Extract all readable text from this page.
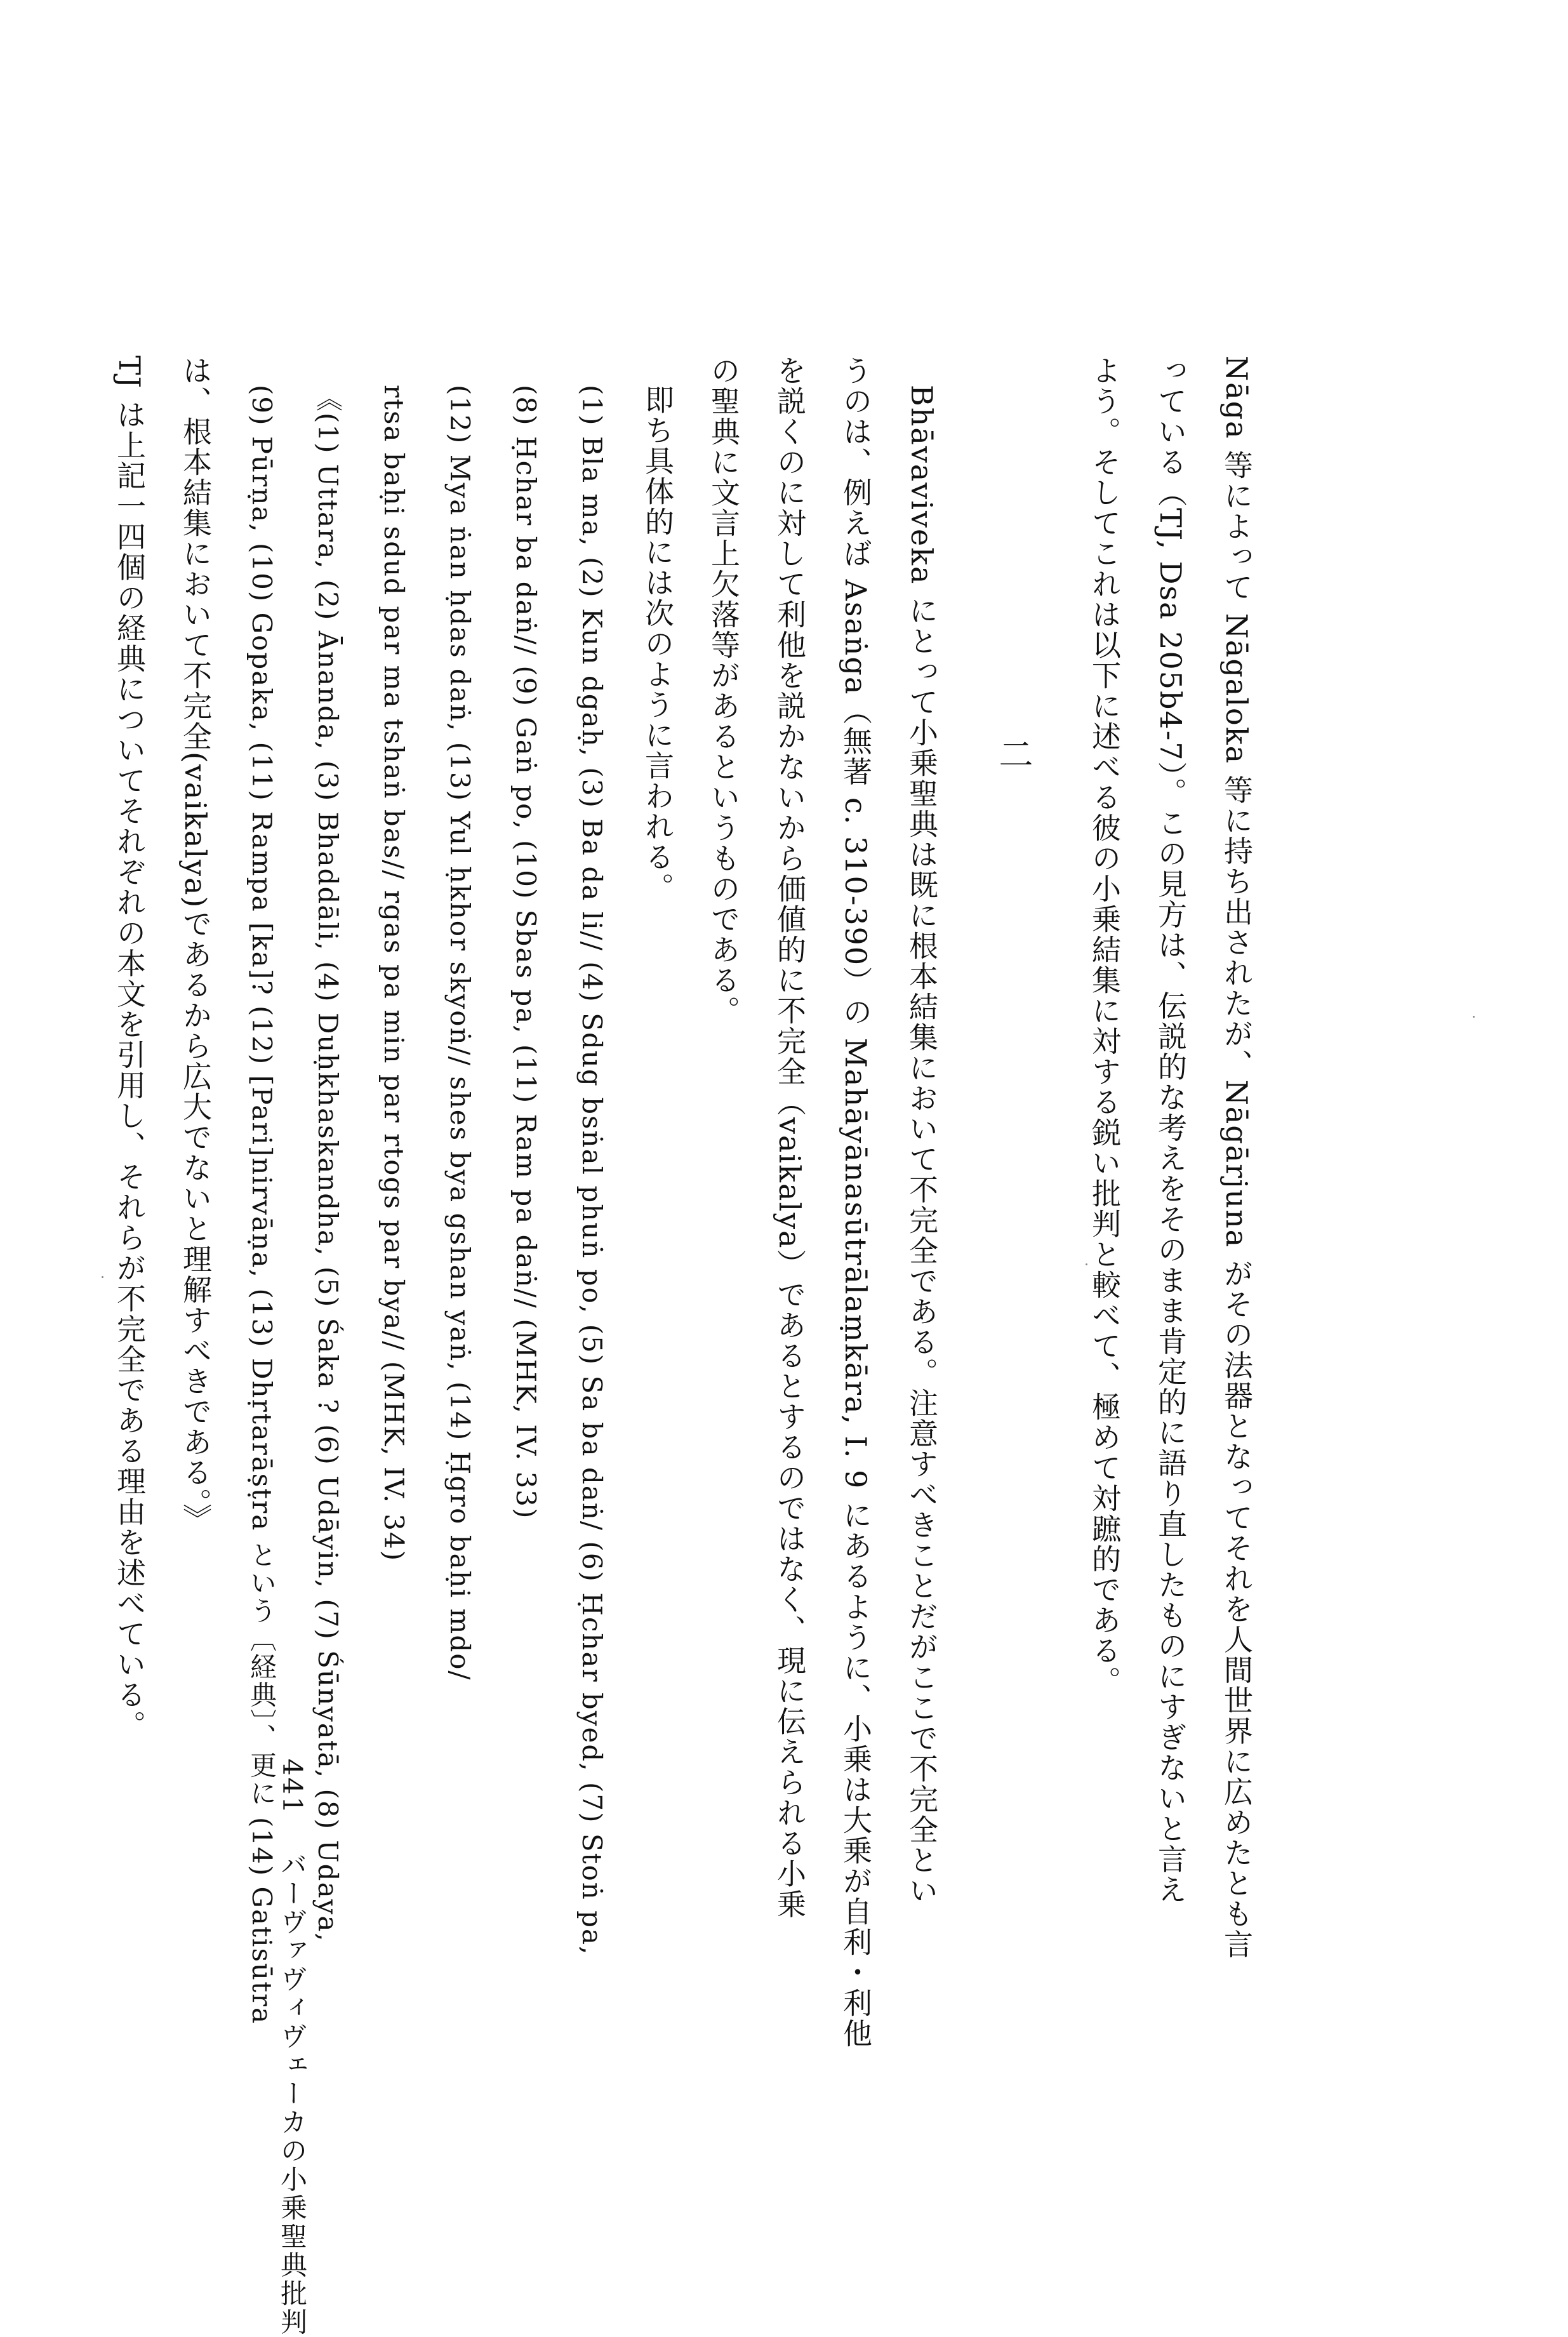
Nāga 等によって Nāgaloka 等に持ち出されたが、Nāgārjuna がその法器となってそれを人間世界に広めたとも言
っている（TJ, Dsa 205b4-7）。この見方は、伝説的な考えをそのまま肯定的に語り直したものにすぎないと言え
よう。そしてこれは以下に述べる彼の小乗結集に対する鋭い批判と較べて、極めて対蹠的である。
二
Bhāvaviveka にとって小乗聖典は既に根本結集において不完全である。注意すべきことだがここで不完全とい
うのは、例えば Asaṅga（無著 c. 310-390）の Mahāyānasūtrālaṃkāra, I. 9 にあるように、小乗は大乗が自利・利他
を説くのに対して利他を説かないから価値的に不完全（vaikalya）であるとするのではなく、現に伝えられる小乗
の聖典に文言上欠落等があるというものである。
即ち具体的には次のように言われる。
(1) Bla ma, (2) Kun dgaḥ, (3) Ba da li// (4) Sdug bsṅal phuṅ po, (5) Sa ba daṅ/ (6) Ḥchar byed, (7) Stoṅ pa,
(8) Ḥchar ba daṅ// (9) Gaṅ po, (10) Sbas pa, (11) Ram pa daṅ// (MHK, IV. 33)
(12) Mya ṅan ḥdas daṅ, (13) Yul ḥkhor skyoṅ// shes bya gshan yaṅ, (14) Ḥgro baḥi mdo/
rtsa baḥi sdud par ma tshaṅ bas// rgas pa min par rtogs par bya// (MHK, IV. 34)
《(1) Uttara, (2) Ānanda, (3) Bhaddāli, (4) Duḥkhaskandha, (5) Śaka ? (6) Udāyin, (7) Śūnyatā, (8) Udaya,
(9) Pūrṇa, (10) Gopaka, (11) Rampa [ka]? (12) [Pari]nirvāṇa, (13) Dhṛtarāṣṭra という〔経典〕、更に (14) Gatisūtra
は、根本結集において不完全(vaikalya)であるから広大でないと理解すべきである。》
TJ は上記一四個の経典についてそれぞれの本文を引用し、それらが不完全である理由を述べている。
441 バーヴァヴィヴェーカの小乗聖典批判
